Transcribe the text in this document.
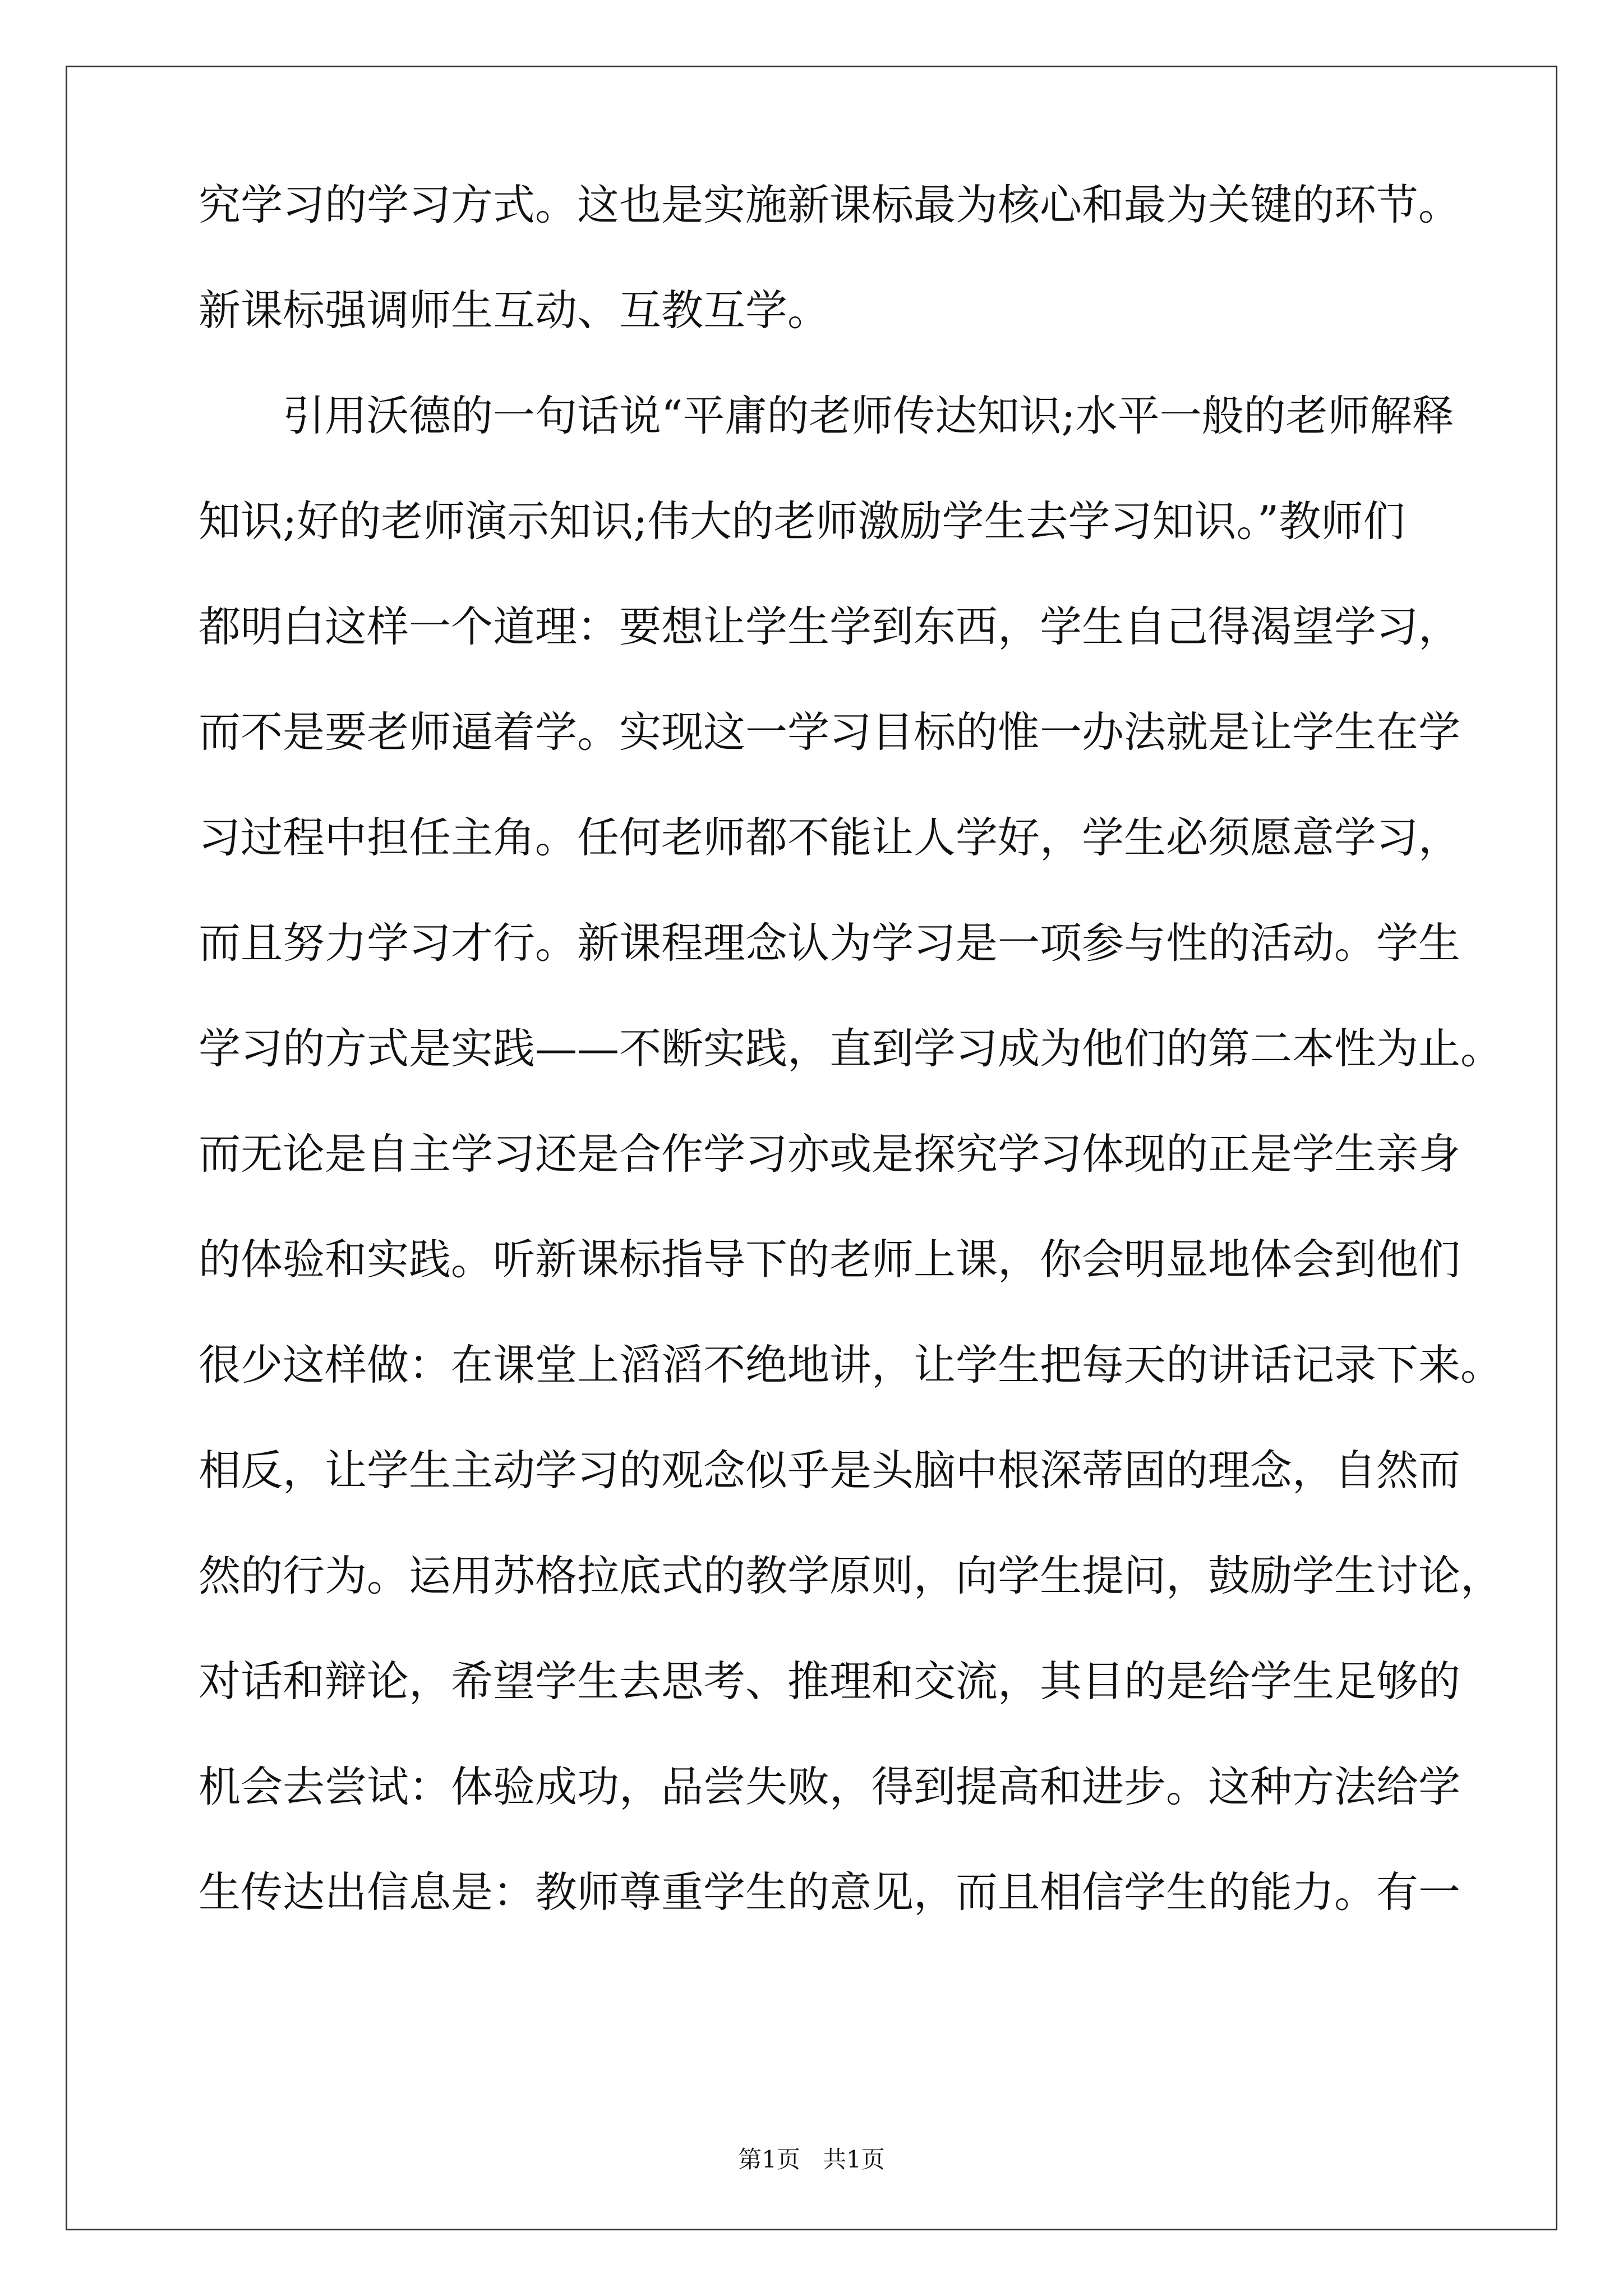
究学习的学习方式。这也是实施新课标最为核心和最为关键的环节。
新课标强调师生互动、互教互学。
引用沃德的一句话说“平庸的老师传达知识;水平一般的老师解释
知识;好的老师演示知识;伟大的老师激励学生去学习知识。”教师们
都明白这样一个道理：要想让学生学到东西，学生自己得渴望学习，
而不是要老师逼着学。实现这一学习目标的惟一办法就是让学生在学
习过程中担任主角。任何老师都不能让人学好，学生必须愿意学习，
而且努力学习才行。新课程理念认为学习是一项参与性的活动。学生
学习的方式是实践——不断实践，直到学习成为他们的第二本性为止。
而无论是自主学习还是合作学习亦或是探究学习体现的正是学生亲身
的体验和实践。听新课标指导下的老师上课，你会明显地体会到他们
很少这样做：在课堂上滔滔不绝地讲，让学生把每天的讲话记录下来。
相反，让学生主动学习的观念似乎是头脑中根深蒂固的理念，自然而
然的行为。运用苏格拉底式的教学原则，向学生提问，鼓励学生讨论，
对话和辩论，希望学生去思考、推理和交流，其目的是给学生足够的
机会去尝试：体验成功，品尝失败，得到提高和进步。这种方法给学
生传达出信息是：教师尊重学生的意见，而且相信学生的能力。有一
第1页 共1页
